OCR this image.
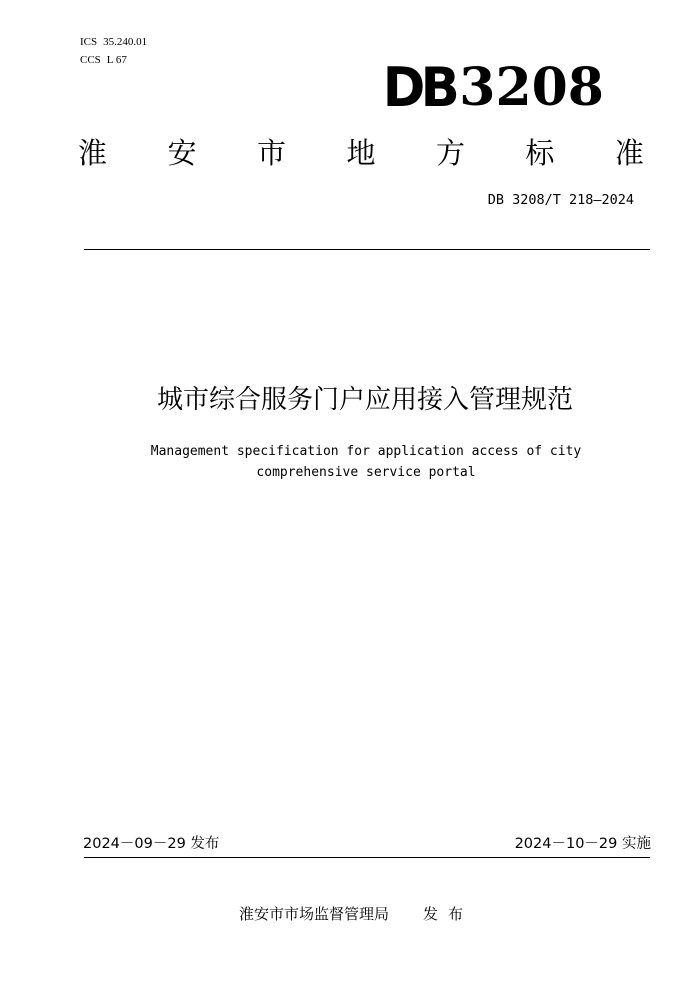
ICS 35.240.01
CCS L 67	DB3208
淮 安 市 地 方 标 准
DB 3208/T 218—2024
城市综合服务门户应用接入管理规范
Management specification for application access of city
comprehensive service portal
2024－09－29 发布	2024－10－29 实施
淮安市市场监督管理局 发布
